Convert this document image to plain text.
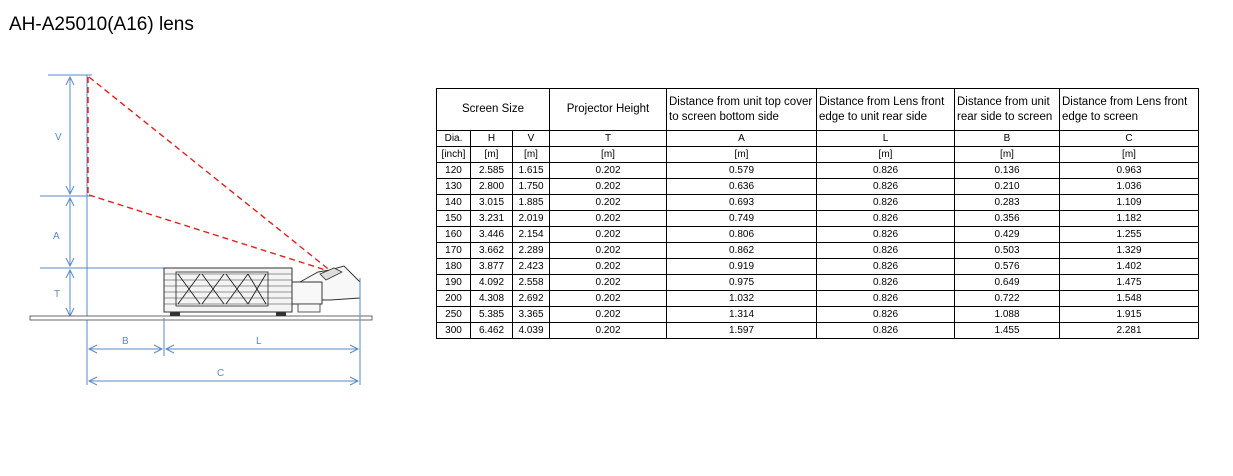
AH-A25010(A16) lens
V
A
T
B	L
C
Screen Size			Projector Height	Distance from unit top cover to screen bottom side	Distance from Lens front edge to unit rear side	Distance from unit rear side to screen	Distance from Lens front edge to screen
Dia.	H	V	T	A	L	B	C
[inch]	[m]	[m]	[m]	[m]	[m]	[m]	[m]
120	2.585	1.615	0.202	0.579	0.826	0.136	0.963
130	2.800	1.750	0.202	0.636	0.826	0.210	1.036
140	3.015	1.885	0.202	0.693	0.826	0.283	1.109
150	3.231	2.019	0.202	0.749	0.826	0.356	1.182
160	3.446	2.154	0.202	0.806	0.826	0.429	1.255
170	3.662	2.289	0.202	0.862	0.826	0.503	1.329
180	3.877	2.423	0.202	0.919	0.826	0.576	1.402
190	4.092	2.558	0.202	0.975	0.826	0.649	1.475
200	4.308	2.692	0.202	1.032	0.826	0.722	1.548
250	5.385	3.365	0.202	1.314	0.826	1.088	1.915
300	6.462	4.039	0.202	1.597	0.826	1.455	2.281
